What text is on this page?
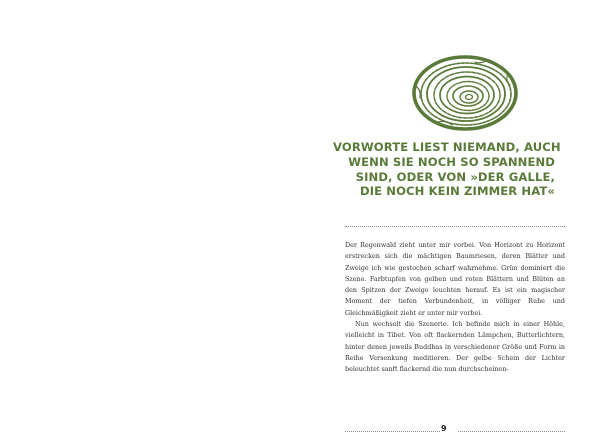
VORWORTE LIEST NIEMAND, AUCH
WENN SIE NOCH SO SPANNEND
SIND, ODER VON »DER GALLE,
DIE NOCH KEIN ZIMMER HAT«

Der Regenwald zieht unter mir vorbei. Von Horizont zu Horizont erstrecken sich die mächtigen Baumriesen, deren Blätter und Zweige ich wie gestochen scharf wahrnehme. Grün dominiert die Szene. Farbtupfen von gelben und roten Blättern und Blüten an den Spitzen der Zweige leuchten herauf. Es ist ein magischer Moment der tiefen Verbundenheit, in völliger Ruhe und Gleichmäßigkeit zieht er unter mir vorbei.

Nun wechselt die Szenerie. Ich befinde mich in einer Höhle, vielleicht in Tibet. Von oft flackernden Lämpchen, Butterlichtern, hinter denen jeweils Buddhas in verschiedener Größe und Form in Reihe Versenkung meditieren. Der gelbe Schein der Lichter beleuchtet sanft flackernd die nun durchscheinen-

9
